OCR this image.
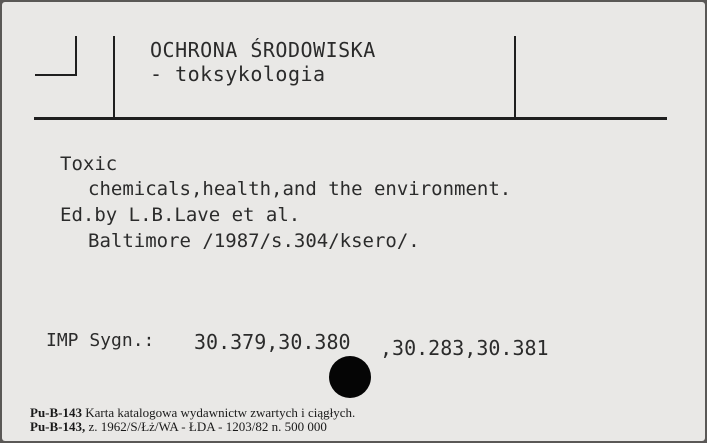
OCHRONA ŚRODOWISKA
- toksykologia
Toxic
chemicals,health,and the environment.
Ed.by L.B.Lave et al.
Baltimore /1987/s.304/ksero/.
IMP Sygn.: 30.379,30.380 ,30.283,30.381
Pu-B-143 Karta katalogowa wydawnictw zwartych i ciągłych.
Pu-B-143, z. 1962/S/Łż/WA - ŁDA - 1203/82 n. 500 000
